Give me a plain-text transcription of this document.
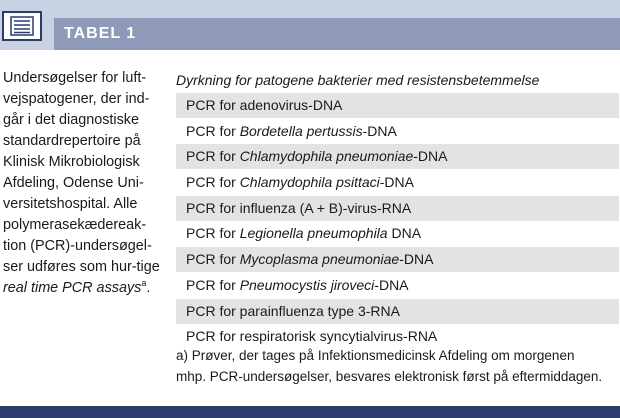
TABEL 1
Undersøgelser for luft-vejspatogener, der ind-går i det diagnostiske standardrepertoire på Klinisk Mikrobiologisk Afdeling, Odense Uni-versitetshospital. Alle polymerasekædereak-tion (PCR)-undersøgel-ser udføres som hur-tige real time PCR assays$^a$.
Dyrkning for patogene bakterier med resistensbetemmelse
PCR for adenovirus-DNA
PCR for Bordetella pertussis-DNA
PCR for Chlamydophila pneumoniae-DNA
PCR for Chlamydophila psittaci-DNA
PCR for influenza (A + B)-virus-RNA
PCR for Legionella pneumophila DNA
PCR for Mycoplasma pneumoniae-DNA
PCR for Pneumocystis jiroveci-DNA
PCR for parainfluenza type 3-RNA
PCR for respiratorisk syncytialvirus-RNA
a) Prøver, der tages på Infektionsmedicinsk Afdeling om morgenen
mhp. PCR-undersøgelser, besvares elektronisk først på eftermiddagen.
